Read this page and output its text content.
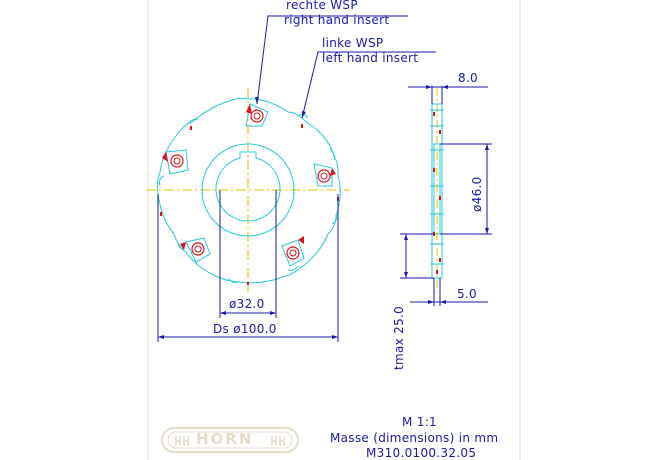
rechte WSP
right hand insert
linke WSP
left hand insert
8.0
ø46.0
ø32.0
Ds ø100.0	tmax 25.0
5.0
M 1:1
Masse (dimensions) in mm
M310.0100.32.05
HORN
